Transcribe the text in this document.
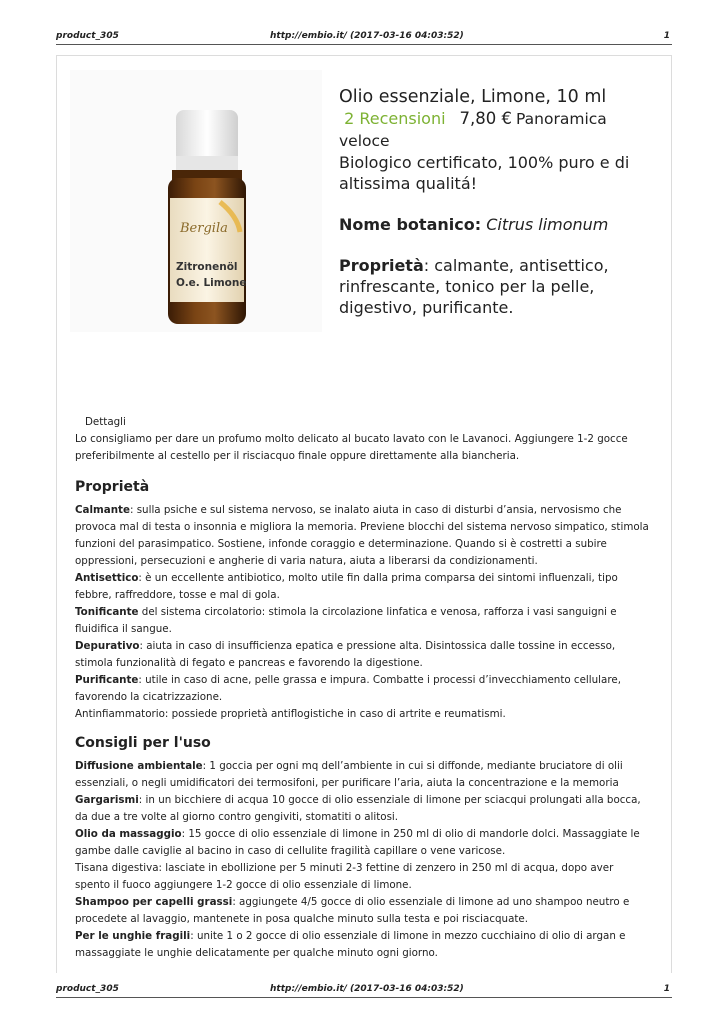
product_305	http://embio.it/ (2017-03-16 04:03:52)	1
Bergila
Zitronenöl
O.e. Limone

Olio essenziale, Limone, 10 ml

2 Recensioni 7,80 € Panoramica veloce

Biologico certificato, 100% puro e di altissima qualitá!

Nome botanico: Citrus limonum

Proprietà: calmante, antisettico, rinfrescante, tonico per la pelle, digestivo, purificante.

Dettagli

Lo consigliamo per dare un profumo molto delicato al bucato lavato con le Lavanoci. Aggiungere 1-2 gocce preferibilmente al cestello per il risciacquo finale oppure direttamente alla biancheria.

Proprietà

Calmante: sulla psiche e sul sistema nervoso, se inalato aiuta in caso di disturbi d’ansia, nervosismo che provoca mal di testa o insonnia e migliora la memoria. Previene blocchi del sistema nervoso simpatico, stimola funzioni del parasimpatico. Sostiene, infonde coraggio e determinazione. Quando si è costretti a subire oppressioni, persecuzioni e angherie di varia natura, aiuta a liberarsi da condizionamenti.

Antisettico: è un eccellente antibiotico, molto utile fin dalla prima comparsa dei sintomi influenzali, tipo febbre, raffreddore, tosse e mal di gola.

Tonificante del sistema circolatorio: stimola la circolazione linfatica e venosa, rafforza i vasi sanguigni e fluidifica il sangue.

Depurativo: aiuta in caso di insufficienza epatica e pressione alta. Disintossica dalle tossine in eccesso, stimola funzionalità di fegato e pancreas e favorendo la digestione.

Purificante: utile in caso di acne, pelle grassa e impura. Combatte i processi d’invecchiamento cellulare, favorendo la cicatrizzazione.

Antinfiammatorio: possiede proprietà antiflogistiche in caso di artrite e reumatismi.

Consigli per l'uso

Diffusione ambientale: 1 goccia per ogni mq dell’ambiente in cui si diffonde, mediante bruciatore di olii essenziali, o negli umidificatori dei termosifoni, per purificare l’aria, aiuta la concentrazione e la memoria

Gargarismi: in un bicchiere di acqua 10 gocce di olio essenziale di limone per sciacqui prolungati alla bocca, da due a tre volte al giorno contro gengiviti, stomatiti o alitosi.

Olio da massaggio: 15 gocce di olio essenziale di limone in 250 ml di olio di mandorle dolci. Massaggiate le gambe dalle caviglie al bacino in caso di cellulite fragilità capillare o vene varicose.

Tisana digestiva: lasciate in ebollizione per 5 minuti 2-3 fettine di zenzero in 250 ml di acqua, dopo aver spento il fuoco aggiungere 1-2 gocce di olio essenziale di limone.

Shampoo per capelli grassi: aggiungete 4/5 gocce di olio essenziale di limone ad uno shampoo neutro e procedete al lavaggio, mantenete in posa qualche minuto sulla testa e poi risciacquate.

Per le unghie fragili: unite 1 o 2 gocce di olio essenziale di limone in mezzo cucchiaino di olio di argan e massaggiate le unghie delicatamente per qualche minuto ogni giorno.

product_305	http://embio.it/ (2017-03-16 04:03:52)	1
